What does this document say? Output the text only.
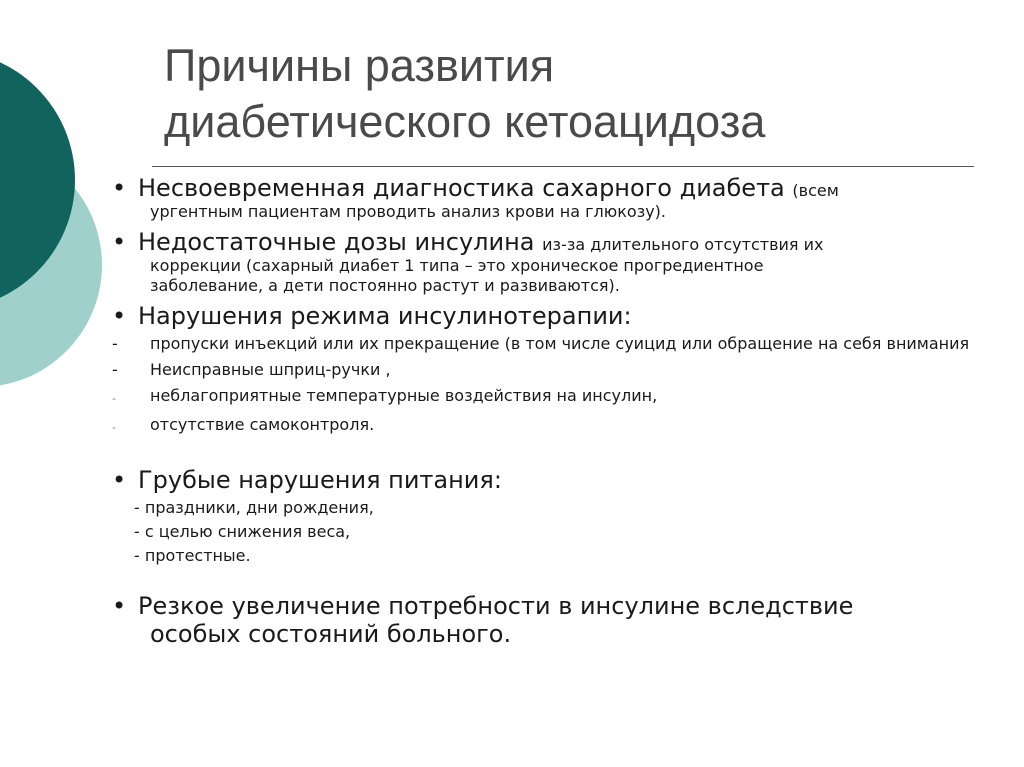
Причины развития
диабетического кетоацидоза
• Несвоевременная диагностика сахарного диабета (всем
ургентным пациентам проводить анализ крови на глюкозу).
• Недостаточные дозы инсулина из-за длительного отсутствия их
коррекции (сахарный диабет 1 типа – это хроническое прогредиентное
заболевание, а дети постоянно растут и развиваются).
• Нарушения режима инсулинотерапии:
-	пропуски инъекций или их прекращение (в том числе суицид или обращение на себя внимания
-	Неисправные шприц-ручки ,
-	неблагоприятные температурные воздействия на инсулин,
-	отсутствие самоконтроля.
• Грубые нарушения питания:
- праздники, дни рождения,
- с целью снижения веса,
- протестные.
• Резкое увеличение потребности в инсулине вследствие
особых состояний больного.
